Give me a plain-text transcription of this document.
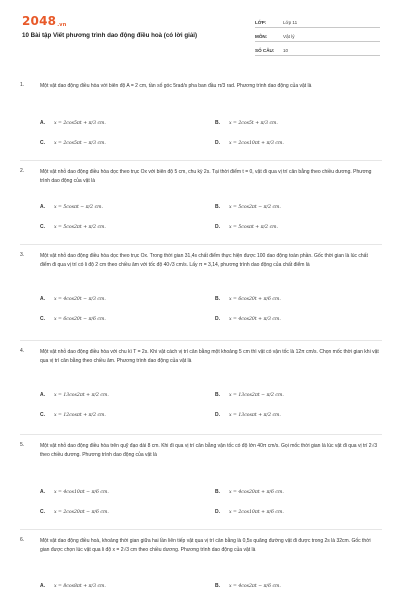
$2048_{.vn}$
10 Bài tập Viết phương trình dao động điều hoà (có lời giải)
LỚP:	Lớp 11
MÔN:	Vật lý
SỐ CÂU:	10
1.	Một vật dao động điều hòa với biên độ A = 2 cm, tần số góc 5rad/s pha ban đầu π/3 rad. Phương trình dao động của vật là
A. x = 2cos5πt + π/3 cm.	B. x = 2cos5t + π/3 cm.
C. x = 2cos5πt − π/3 cm.	D. x = 2cos10πt + π/3 cm.
2.	Một vật nhỏ dao động điều hòa dọc theo trục Ox với biên độ 5 cm, chu kỳ 2s. Tại thời điểm t = 0, vật đi qua vị trí cân bằng theo chiều dương. Phương trình dao động của vật là
A. x = 5cosπt − π/2 cm.	B. x = 5cos2πt − π/2 cm.
C. x = 5cos2πt + π/2 cm.	D. x = 5cosπt + π/2 cm.
3.	Một vật nhỏ dao động điều hòa dọc theo trục Ox. Trong thời gian 31,4s chất điểm thực hiện được 100 dao động toàn phần. Gốc thời gian là lúc chất điểm đi qua vị trí có li độ 2 cm theo chiều âm với tốc độ 40√3 cm/s. Lấy π = 3,14, phương trình dao động của chất điểm là
A. x = 4cos20t − π/3 cm.	B. x = 6cos20t + π/6 cm.
C. x = 6cos20t − π/6 cm.	D. x = 4cos20t + π/3 cm.
4.	Một vật nhỏ dao động điều hòa với chu kì T = 2s. Khi vật cách vị trí cân bằng một khoảng 5 cm thì vật có vận tốc là 12π cm/s. Chọn mốc thời gian khi vật qua vị trí cân bằng theo chiều âm. Phương trình dao động của vật là
A. x = 13cos2πt + π/2 cm.	B. x = 13cos2πt − π/2 cm.
C. x = 12cosπt + π/2 cm.	D. x = 13cosπt + π/2 cm.
5.	Một vật nhỏ dao động điều hòa trên quỹ đạo dài 8 cm. Khi đi qua vị trí cân bằng vận tốc có độ lớn 40π cm/s. Gọi mốc thời gian là lúc vật đi qua vị trí 2√3 theo chiều dương. Phương trình dao động của vật là
A. x = 4cos10πt − π/6 cm.	B. x = 4cos20πt + π/6 cm.
C. x = 2cos20πt − π/6 cm.	D. x = 2cos10πt + π/6 cm.
6.	Một vật dao động điều hoà, khoảng thời gian giữa hai lần liên tiếp vật qua vị trí cân bằng là 0,5s quãng đường vật đi được trong 2s là 32cm. Gốc thời gian được chọn lúc vật qua li độ x = 2√3 cm theo chiều dương. Phương trình dao động của vật là
A. x = 8cos8πt + π/3 cm.	B. x = 4cos2πt − π/6 cm.
